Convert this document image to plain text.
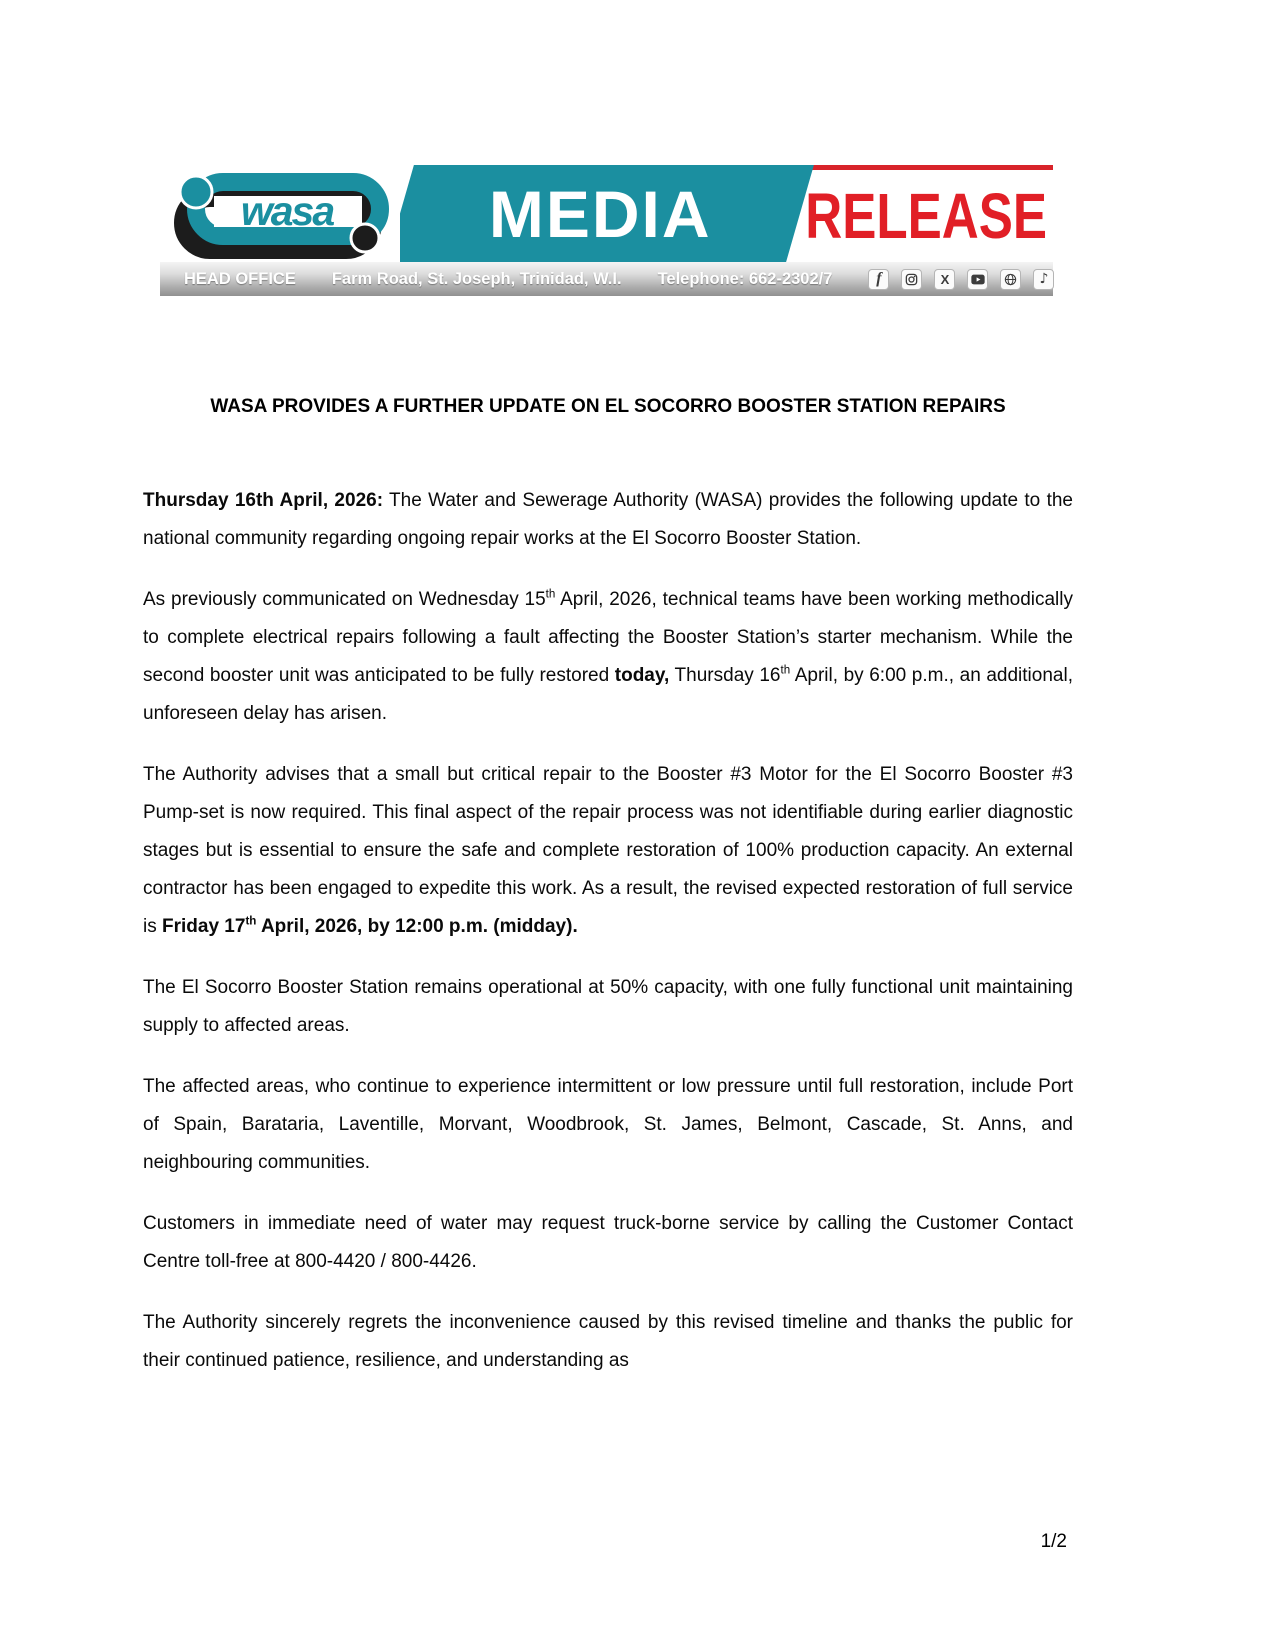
wasa MEDIA RELEASE
HEAD OFFICE Farm Road, St. Joseph, Trinidad, W.I. Telephone: 662-2302/7	f	X	♪
WASA PROVIDES A FURTHER UPDATE ON EL SOCORRO BOOSTER STATION REPAIRS

Thursday 16th April, 2026: The Water and Sewerage Authority (WASA) provides the following update to the national community regarding ongoing repair works at the El Socorro Booster Station.

As previously communicated on Wednesday 15th April, 2026, technical teams have been working methodically to complete electrical repairs following a fault affecting the Booster Station’s starter mechanism. While the second booster unit was anticipated to be fully restored today, Thursday 16th April, by 6:00 p.m., an additional, unforeseen delay has arisen.

The Authority advises that a small but critical repair to the Booster #3 Motor for the El Socorro Booster #3 Pump-set is now required. This final aspect of the repair process was not identifiable during earlier diagnostic stages but is essential to ensure the safe and complete restoration of 100% production capacity. An external contractor has been engaged to expedite this work. As a result, the revised expected restoration of full service is Friday 17th April, 2026, by 12:00 p.m. (midday).

The El Socorro Booster Station remains operational at 50% capacity, with one fully functional unit maintaining supply to affected areas.

The affected areas, who continue to experience intermittent or low pressure until full restoration, include Port of Spain, Barataria, Laventille, Morvant, Woodbrook, St. James, Belmont, Cascade, St. Anns, and neighbouring communities.

Customers in immediate need of water may request truck-borne service by calling the Customer Contact Centre toll-free at 800-4420 / 800-4426.

The Authority sincerely regrets the inconvenience caused by this revised timeline and thanks the public for their continued patience, resilience, and understanding as

1/2
